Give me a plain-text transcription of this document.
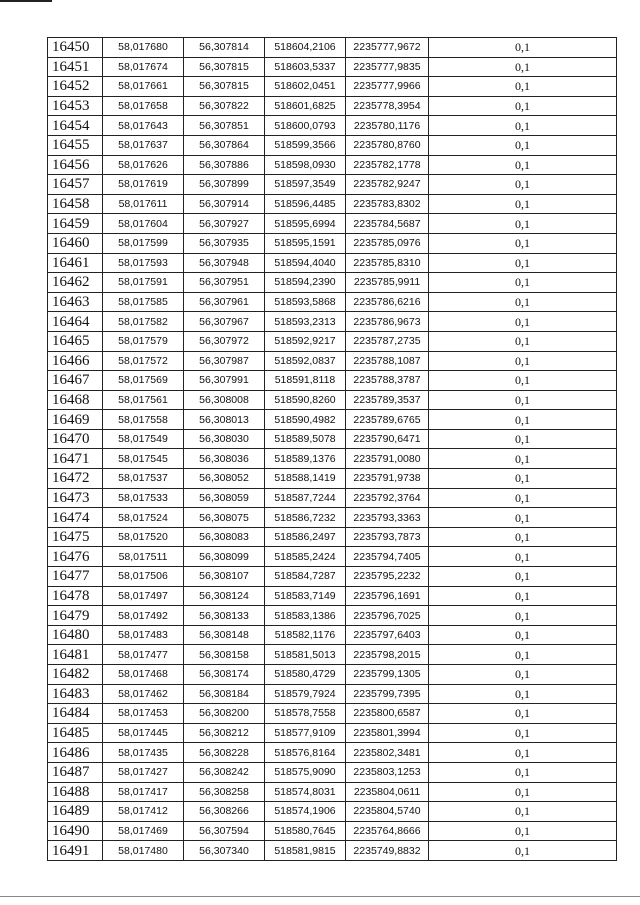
16450	58,017680	56,307814	518604,2106	2235777,9672	0,1
16451	58,017674	56,307815	518603,5337	2235777,9835	0,1
16452	58,017661	56,307815	518602,0451	2235777,9966	0,1
16453	58,017658	56,307822	518601,6825	2235778,3954	0,1
16454	58,017643	56,307851	518600,0793	2235780,1176	0,1
16455	58,017637	56,307864	518599,3566	2235780,8760	0,1
16456	58,017626	56,307886	518598,0930	2235782,1778	0,1
16457	58,017619	56,307899	518597,3549	2235782,9247	0,1
16458	58,017611	56,307914	518596,4485	2235783,8302	0,1
16459	58,017604	56,307927	518595,6994	2235784,5687	0,1
16460	58,017599	56,307935	518595,1591	2235785,0976	0,1
16461	58,017593	56,307948	518594,4040	2235785,8310	0,1
16462	58,017591	56,307951	518594,2390	2235785,9911	0,1
16463	58,017585	56,307961	518593,5868	2235786,6216	0,1
16464	58,017582	56,307967	518593,2313	2235786,9673	0,1
16465	58,017579	56,307972	518592,9217	2235787,2735	0,1
16466	58,017572	56,307987	518592,0837	2235788,1087	0,1
16467	58,017569	56,307991	518591,8118	2235788,3787	0,1
16468	58,017561	56,308008	518590,8260	2235789,3537	0,1
16469	58,017558	56,308013	518590,4982	2235789,6765	0,1
16470	58,017549	56,308030	518589,5078	2235790,6471	0,1
16471	58,017545	56,308036	518589,1376	2235791,0080	0,1
16472	58,017537	56,308052	518588,1419	2235791,9738	0,1
16473	58,017533	56,308059	518587,7244	2235792,3764	0,1
16474	58,017524	56,308075	518586,7232	2235793,3363	0,1
16475	58,017520	56,308083	518586,2497	2235793,7873	0,1
16476	58,017511	56,308099	518585,2424	2235794,7405	0,1
16477	58,017506	56,308107	518584,7287	2235795,2232	0,1
16478	58,017497	56,308124	518583,7149	2235796,1691	0,1
16479	58,017492	56,308133	518583,1386	2235796,7025	0,1
16480	58,017483	56,308148	518582,1176	2235797,6403	0,1
16481	58,017477	56,308158	518581,5013	2235798,2015	0,1
16482	58,017468	56,308174	518580,4729	2235799,1305	0,1
16483	58,017462	56,308184	518579,7924	2235799,7395	0,1
16484	58,017453	56,308200	518578,7558	2235800,6587	0,1
16485	58,017445	56,308212	518577,9109	2235801,3994	0,1
16486	58,017435	56,308228	518576,8164	2235802,3481	0,1
16487	58,017427	56,308242	518575,9090	2235803,1253	0,1
16488	58,017417	56,308258	518574,8031	2235804,0611	0,1
16489	58,017412	56,308266	518574,1906	2235804,5740	0,1
16490	58,017469	56,307594	518580,7645	2235764,8666	0,1
16491	58,017480	56,307340	518581,9815	2235749,8832	0,1
